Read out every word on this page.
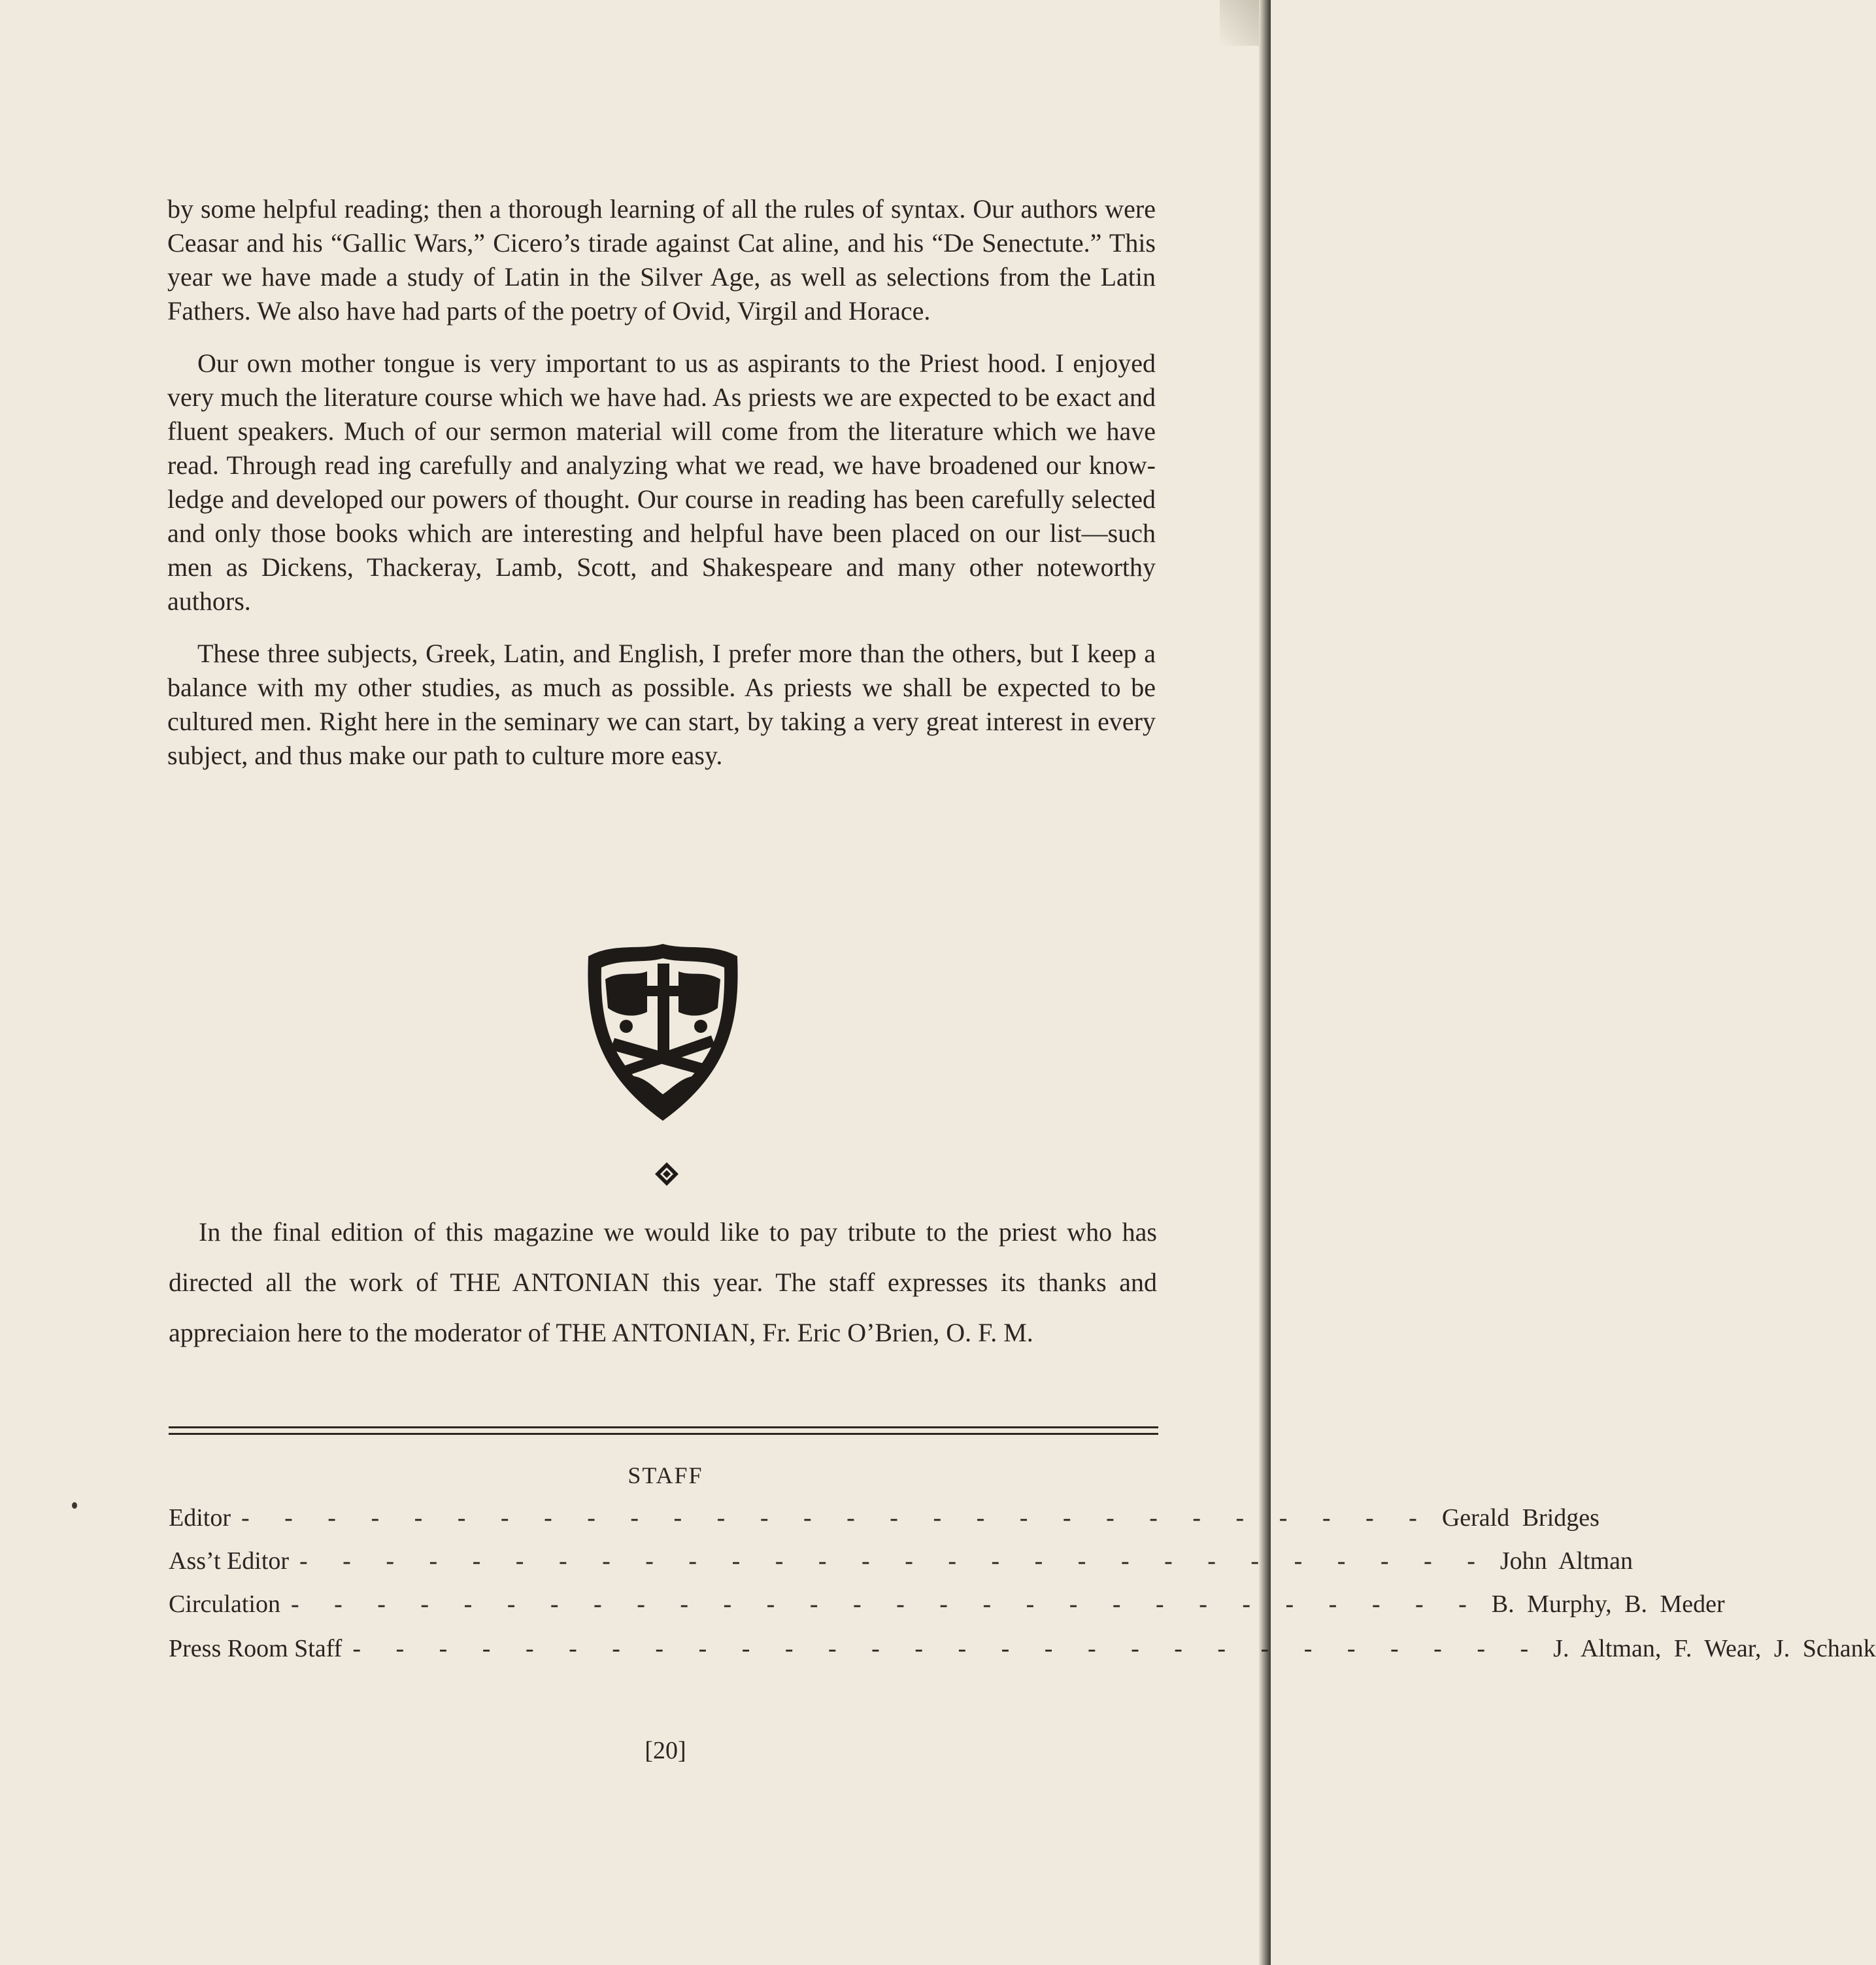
by some helpful reading; then a thorough learning of all the rules of syntax. Our authors were Ceasar and his “Gallic Wars,” Cicero’s tirade against Cat aline, and his “De Senectute.” This year we have made a study of Latin in the Silver Age, as well as selections from the Latin Fathers. We also have had parts of the poetry of Ovid, Virgil and Horace.

Our own mother tongue is very important to us as aspirants to the Priest hood. I enjoyed very much the literature course which we have had. As priests we are expected to be exact and fluent speakers. Much of our sermon material will come from the literature which we have read. Through read ing carefully and analyzing what we read, we have broadened our know ledge and developed our powers of thought. Our course in reading has been carefully selected and only those books which are interesting and helpful have been placed on our list—such men as Dickens, Thackeray, Lamb, Scott, and Shakespeare and many other noteworthy authors.

These three subjects, Greek, Latin, and English, I prefer more than the others, but I keep a balance with my other studies, as much as possible. As priests we shall be expected to be cultured men. Right here in the seminary we can start, by taking a very great interest in every subject, and thus make our path to culture more easy.

In the final edition of this magazine we would like to pay tribute to the priest who has directed all the work of THE ANTONIAN this year. The staff expresses its thanks and appreciaion here to the moderator of THE ANTONIAN, Fr. Eric O’Brien, O. F. M.

STAFF
Editor - - - - - - - - - - - - - - - - - - - - - - - - - - - - Gerald Bridges
Ass’t Editor - - - - - - - - - - - - - - - - - - - - - - - - - - - - John Altman
Circulation - - - - - - - - - - - - - - - - - - - - - - - - - - - - B. Murphy, B. Meder
Press Room Staff - - - - - - - - - - - - - - - - - - - - - - - - - - - - J. Altman, F. Wear, J. Schank
[20]
